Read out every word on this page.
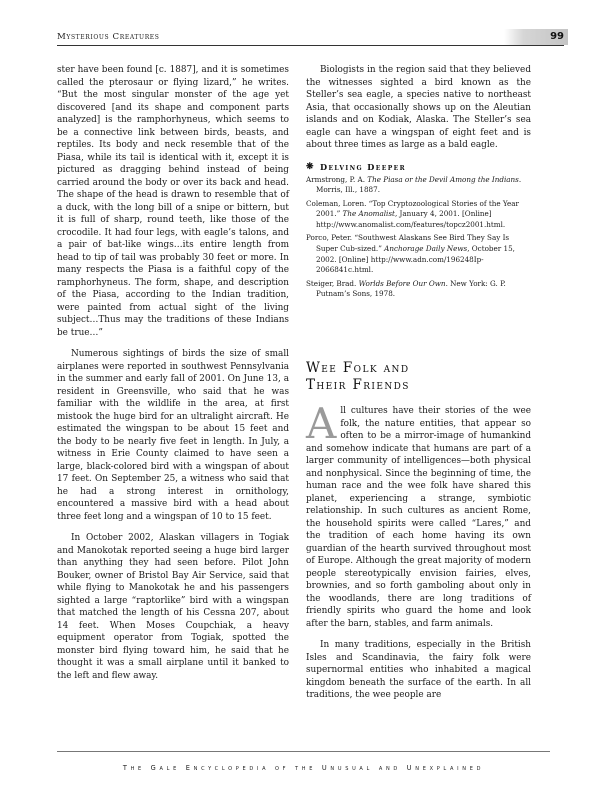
Mysterious Creatures	99

ster have been found [c. 1887], and it is sometimes called the pterosaur or flying lizard,” he writes. “But the most singular monster of the age yet discovered [and its shape and component parts analyzed] is the ramphorhyneus, which seems to be a connective link between birds, beasts, and reptiles. Its body and neck resemble that of the Piasa, while its tail is identical with it, except it is pictured as dragging behind instead of being carried around the body or over its back and head. The shape of the head is drawn to resemble that of a duck, with the long bill of a snipe or bittern, but it is full of sharp, round teeth, like those of the crocodile. It had four legs, with eagle’s talons, and a pair of bat-like wings…its entire length from head to tip of tail was probably 30 feet or more. In many respects the Piasa is a faithful copy of the ramphorhyneus. The form, shape, and description of the Piasa, according to the Indian tradition, were painted from actual sight of the living subject…Thus may the traditions of these Indians be true…”

Numerous sightings of birds the size of small airplanes were reported in southwest Pennsylvania in the summer and early fall of 2001. On June 13, a resident in Greensville, who said that he was familiar with the wildlife in the area, at first mistook the huge bird for an ultralight aircraft. He estimated the wingspan to be about 15 feet and the body to be nearly five feet in length. In July, a witness in Erie County claimed to have seen a large, black-colored bird with a wingspan of about 17 feet. On September 25, a witness who said that he had a strong interest in ornithology, encountered a massive bird with a head about three feet long and a wingspan of 10 to 15 feet.

In October 2002, Alaskan villagers in Togiak and Manokotak reported seeing a huge bird larger than anything they had seen before. Pilot John Bouker, owner of Bristol Bay Air Service, said that while flying to Manokotak he and his passengers sighted a large “raptorlike” bird with a wingspan that matched the length of his Cessna 207, about 14 feet. When Moses Coupchiak, a heavy equipment operator from Togiak, spotted the monster bird flying toward him, he said that he thought it was a small airplane until it banked to the left and flew away.

Biologists in the region said that they believed the witnesses sighted a bird known as the Steller’s sea eagle, a species native to northeast Asia, that occasionally shows up on the Aleutian islands and on Kodiak, Alaska. The Steller’s sea eagle can have a wingspan of eight feet and is about three times as large as a bald eagle.

❋ Delving Deeper

Armstrong, P. A. The Piasa or the Devil Among the Indians. Morris, Ill., 1887.

Coleman, Loren. “Top Cryptozoological Stories of the Year 2001.” The Anomalist, January 4, 2001. [Online] http://www.anomalist.com/features/topcz2001.html.

Porco, Peter. “Southwest Alaskans See Bird They Say Is Super Cub-sized.” Anchorage Daily News, October 15, 2002. [Online] http://www.adn.com/196248Ip-2066841c.html.

Steiger, Brad. Worlds Before Our Own. New York: G. P. Putnam’s Sons, 1978.

Wee Folk and
Their Friends
A ll cultures have their stories of the wee folk, the nature entities, that appear so often to be a mirror-image of humankind and somehow indicate that humans are part of a larger community of intelligences—both physical and nonphysical. Since the beginning of time, the human race and the wee folk have shared this planet, experiencing a strange, symbiotic relationship. In such cultures as ancient Rome, the household spirits were called “Lares,” and the tradition of each home having its own guardian of the hearth survived throughout most of Europe. Although the great majority of modern people stereotypically envision fairies, elves, brownies, and so forth gamboling about only in the woodlands, there are long traditions of friendly spirits who guard the home and look after the barn, stables, and farm animals.

In many traditions, especially in the British Isles and Scandinavia, the fairy folk were supernormal entities who inhabited a magical kingdom beneath the surface of the earth. In all traditions, the wee people are

The Gale Encyclopedia of the Unusual and Unexplained
